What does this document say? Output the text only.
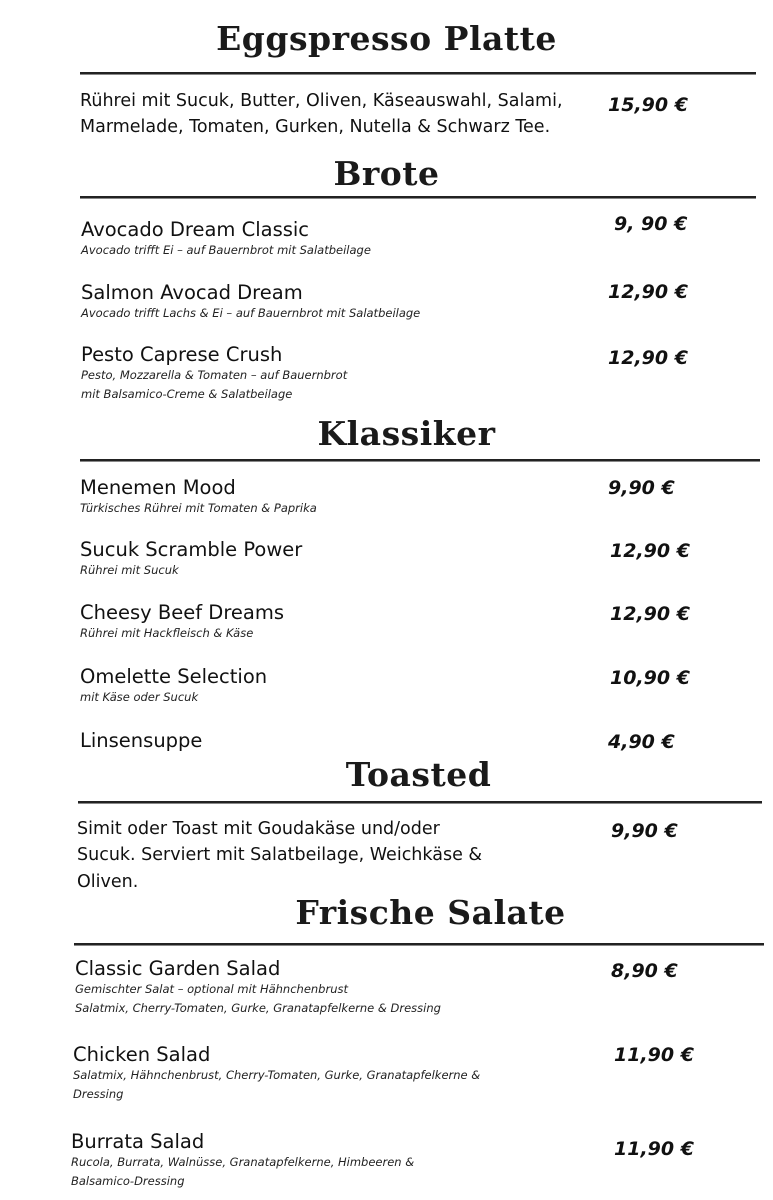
Eggspresso Platte
Rührei mit Sucuk, Butter, Oliven, Käseauswahl, Salami,
Marmelade, Tomaten, Gurken, Nutella & Schwarz Tee.
15,90 €
Brote
Avocado Dream Classic
Avocado trifft Ei – auf Bauernbrot mit Salatbeilage
9, 90 €
Salmon Avocad Dream
Avocado trifft Lachs & Ei – auf Bauernbrot mit Salatbeilage
12,90 €
Pesto Caprese Crush
Pesto, Mozzarella & Tomaten – auf Bauernbrot
mit Balsamico-Creme & Salatbeilage
12,90 €
Klassiker
Menemen Mood
Türkisches Rührei mit Tomaten & Paprika
9,90 €
Sucuk Scramble Power
Rührei mit Sucuk
12,90 €
Cheesy Beef Dreams
Rührei mit Hackfleisch & Käse
12,90 €
Omelette Selection
mit Käse oder Sucuk
10,90 €
Linsensuppe	4,90 €
Toasted
Simit oder Toast mit Goudakäse und/oder
Sucuk. Serviert mit Salatbeilage, Weichkäse &
Oliven.
9,90 €
Frische Salate
Classic Garden Salad
Gemischter Salat – optional mit Hähnchenbrust
Salatmix, Cherry-Tomaten, Gurke, Granatapfelkerne & Dressing
8,90 €
Chicken Salad
Salatmix, Hähnchenbrust, Cherry-Tomaten, Gurke, Granatapfelkerne &
Dressing
11,90 €
Burrata Salad
Rucola, Burrata, Walnüsse, Granatapfelkerne, Himbeeren &
Balsamico-Dressing
11,90 €
